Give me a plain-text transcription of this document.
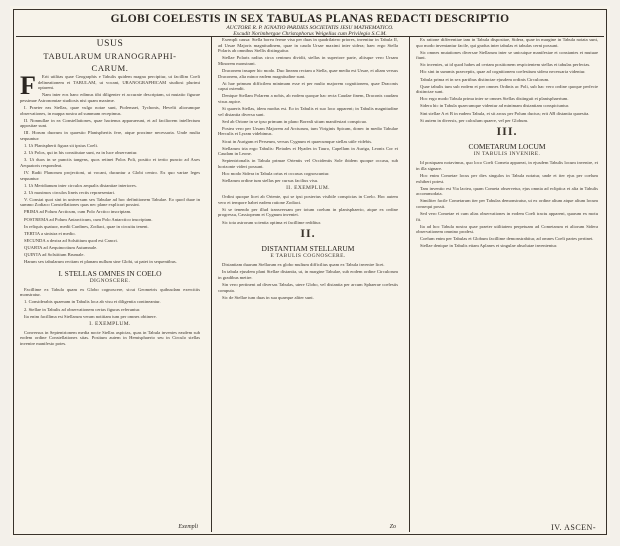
GLOBI COELESTIS IN SEX TABULAS PLANAS REDACTI DESCRIPTIO
AUCTORE R. P. IGNATIO PARDIES SOCIETATIS JESU MATHEMATICO.
Excudit Norimbergae Christophorus Weigelius cum Privilegio S.C.M.
USUS
TABULARUM URANOGRAPHI-
CARUM.
F	Erit utilitas quae Geographis e Tabulis quidem magna percipitur, ut facillim Coeli delineationem et TABULAM, ut vocant, URANOGRAPHICAM studiosi plurimi optarent.

Nam inter eos hanc edimus tibi diligenter et accurate descriptam, ut mutatio figurae pessimae Astronomiae studiosis nisi quam maxime.

I. Praeter eas Stellas, quae vulgo notae sunt, Ptolemaei, Tychonis, Hevelii aliorumque observationes, in mappa nostra ad summam recepimus.

II. Nonnullae in ea Constellationes, quae hactenus apparuerunt, et ad faciliorem intellectum appositae sunt.

III. Horum duorum in quaestio Planispheriis fere, atque proxime necessaria. Unde multa sequuntur:

1. Ut Planispherii figura sit ipsius Coeli.

2. Ut Polos, qui in his constitutae sunt, ea in luce observantur.

3. Ut duos in se punctis tangens, quos retinet Polos Poli, positio et tertio puncto ad Axes Aequatoris respondeat.

IV. Radii Planorum projectioni, ut vocant, ducuntur a Globi centro. Ex quo variae leges sequuntur:

1. Ut Meridianum inter circulos aequalis distantiae interiores.

2. Ut maximos circulos lineis rectis repraesentari.

V. Constat quot sint in universum sex Tabulae ad hoc definitionem Tabulae. Eo quod duae in summo Zodiaco Constellationes quas nec plane explicari possint.

PRIMA ad Polum Arcticum, cum Polo Arctico inscriptam.

POSTREMA ad Polum Antarcticum, cum Polo Antarctico inscriptam.

In reliquis quatuor, medii Cardines, Zodiaci, quae in circuitu tenent.

TERTIA a sinistra et medio.

SECUNDA a dextra ad Solstitium quod est Cancri.

QUARTA ad Aequinoctium Autumnale.

QUINTA ad Solstitium Brumale.

Harum sex tabularum rectiam et planam nullum sine Globi, ut patet in sequentibus.

I. STELLAS OMNES IN COELO
DIGNOSCERE.

Facillime ex Tabula quam ex Globo cognoscere, sicut Geometris quibusdam exercitiis monstratur.

1. Considerabis quaenam in Tabulis loca ab visu et diligentia contineantur.

2. Stellae in Tabulis ad observationem certas figuras referuntur.

Ita enim facillima est Stellarum veram notitiam tum per omnes obtinere.

I. EXEMPLUM.

Conversus in Septentrionem media nocte Stellas aspicias, quas in Tabula invenies easdem sub eodem ordine Constellationes sitas. Positum autem in Hemisphaerio seu in Circulo stellas invenire manifesto potes.

Exempli

Exempli causa: Stella borea ferme visa per duas in quadrilatero priores, invenitur in Tabula II, ad Ursae Majoris magnitudinem, quae in cauda Ursae maximi inter sidera; haec ergo Stella Polaris ab omnibus Stellis distinguitur.

Stellae Polaris radius circa centrum dividit, stellas in superiore parte, aliisque vero Ursam Minorem monstrant.

Draconem insuper hic modo. Duo lineam rectam a Stella, quae media est Ursae, et aliam versus Draconem, alia minor eadem magnitudine sunt.

At hae primum difficilem minimam esse et per multo majorem cognitionem, quae Draconis caput ostendit.

Denique Stellam Polarem a nobis, ab eodem quoque hac recta Caudae finem, Draconis caudam visus aspice.

Si quaeris Stellas, idem modus est. Eo in Tabulis et suo loco apparent; in Tabulis magnitudine vel distantia diversa sunt.

Sed ab Orione in se ipso primum in plano Boreali situm manifestari conspicuo.

Postea vero per Ursam Majorem ad Arcturum, tum Viriginis Spicam, donec in medio Tabulae Herculis et Lyram videbimus.

Sicut in Aurigam et Perseum, versus Cygnum et quaecumque stellas utile videbis.

Stellarum tria ergo Tabulis: Pleiades et Hyades in Tauro, Capellam in Auriga, Leonis Cor et Caudam in Leone.

Septentrionalis in Tabula primae Orientis vel Occidentis Sole ibidem quoque occasu, sub horizonte videri possunt.

Hoc modo Sidera in Tabula ortus et occasus cognoscuntur.

Stellarum ordine tum stellas per cursus facilius visu.

II. EXEMPLUM.

Ordini quoque licet ab Oriente, qui se ipsi posterius visibile conspicias in Coelo. Hoc autem vero et tempore habet eadem ratione Zodiaci.

Si se tenendo per illud transversam per totum coelum in planisphaerio, atque ex ordine progressu, Cassiopeam et Cygnum inveniet.

Sic tota astrorum scientia optima et facillime redditur.

II.
DISTANTIAM STELLARUM
E TABULIS COGNOSCERE.

Distantiam duarum Stellarum ex globo multum difficilius quam ex Tabula invenire licet.

In tabula ejusdem plani Stellae distantia, ut, in margine Tabulae, sub eodem ordine Circulorum in gradibus metire.

Sin vero pertinent ad diversas Tabulas, utere Globo, vel distantia per arcum Sphaerae coelestis computa.

Sic de Stellae tum duas in sua quaeque aliter sunt.

Zo

Ex ratione differentiae iam in Tabula dispositae, Sidera, quae in margine in Tabula notata sunt, quo modo inveniantur facile, qui gradus inter tabulas et tabulas cerni possunt.

Sic omnes mutationes diversae Stellarum inter se unicuique manifestae et constantes et mutuae fiunt.

Sic invenies, ut id quod habes ad certam positionem respicientem stellas et tabulas perfectas.

Hic sint in summis praeceptis, quae ad cognitionem coelestium sidera necessaria videntur.

Tabula prima et in sex partibus distinctae ejusdem ordinis Circulorum.

Quae tabulis tum sub eodem et per omnes Ordinis ac Poli, sub hac vero ordine quoque perfecte distinctae sunt.

Hoc ergo modo Tabula prima inter se omnes Stellas distinguit et planisphaerium.

Sidera hic in Tabula quaecumque videntur ad minimam distantiam conspiciuntur.

Sint stellae A et B in eadem Tabula, et sit arcus per Polum ductus; erit AB distantia quaesita.

Si autem in diversis, per calculum quaere, vel per Globum.

III.
COMETARUM LOCUM
IN TABULIS INVENIRE.

Id postquam notavimus, quo loco Coeli Cometa appareat, in ejusdem Tabulis locum invenire, et in illa signare.

Hoc enim Cometae locus per dies singulos in Tabula notatur, unde et iter ejus per coelum exhiberi potest.

Tam inventio est Via lactea, quam Cometa observetur, ejus omnia ad ecliptica et alia in Tabulis accommodata.

Similiter facile Cometarum iter per Tabulas demonstratur, ut ex ordine alium atque alium locum consequi possit.

Sed vero Cometae et cum alias observationes in eodem Coeli tractu apparent, quarum ex motu fit.

Ita ad hoc Tabula nostra quae praeter utilitatem perpetuam ad Cometarum et aliorum Sidera observationem omnino prodest.

Coelum enim per Tabulas et Globum facillime demonstrabitur, ad omnes Coeli partes pertinet.

Stellae denique in Tabulis etiam Aplanes et singulae absolutae invenientur.

IV. ASCEN-
